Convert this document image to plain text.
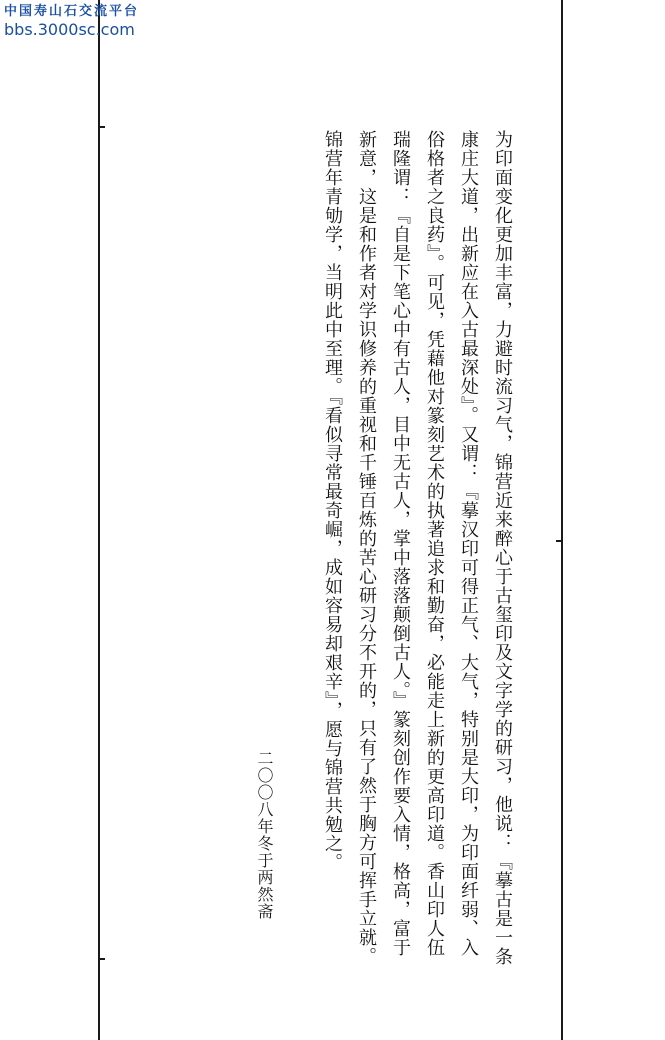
中国寿山石交流平台
bbs.3000sc.com
为印面变化更加丰富，力避时流习气，锦营近来醉心于古玺印及文字学的研习，他说：『摹古是一条
康庄大道，出新应在入古最深处』。又谓：『摹汉印可得正气、大气，特别是大印，为印面纤弱、入
俗格者之良药』。可见，凭藉他对篆刻艺术的执著追求和勤奋，必能走上新的更高印道。香山印人伍
瑞隆谓：『自是下笔心中有古人，目中无古人，掌中落落颠倒古人。』篆刻创作要入情，格高，富于
新意，这是和作者对学识修养的重视和千锤百炼的苦心研习分不开的，只有了然于胸方可挥手立就。
锦营年青劬学，当明此中至理。『看似寻常最奇崛，成如容易却艰辛』，愿与锦营共勉之。
二〇〇八年冬于两然斋
